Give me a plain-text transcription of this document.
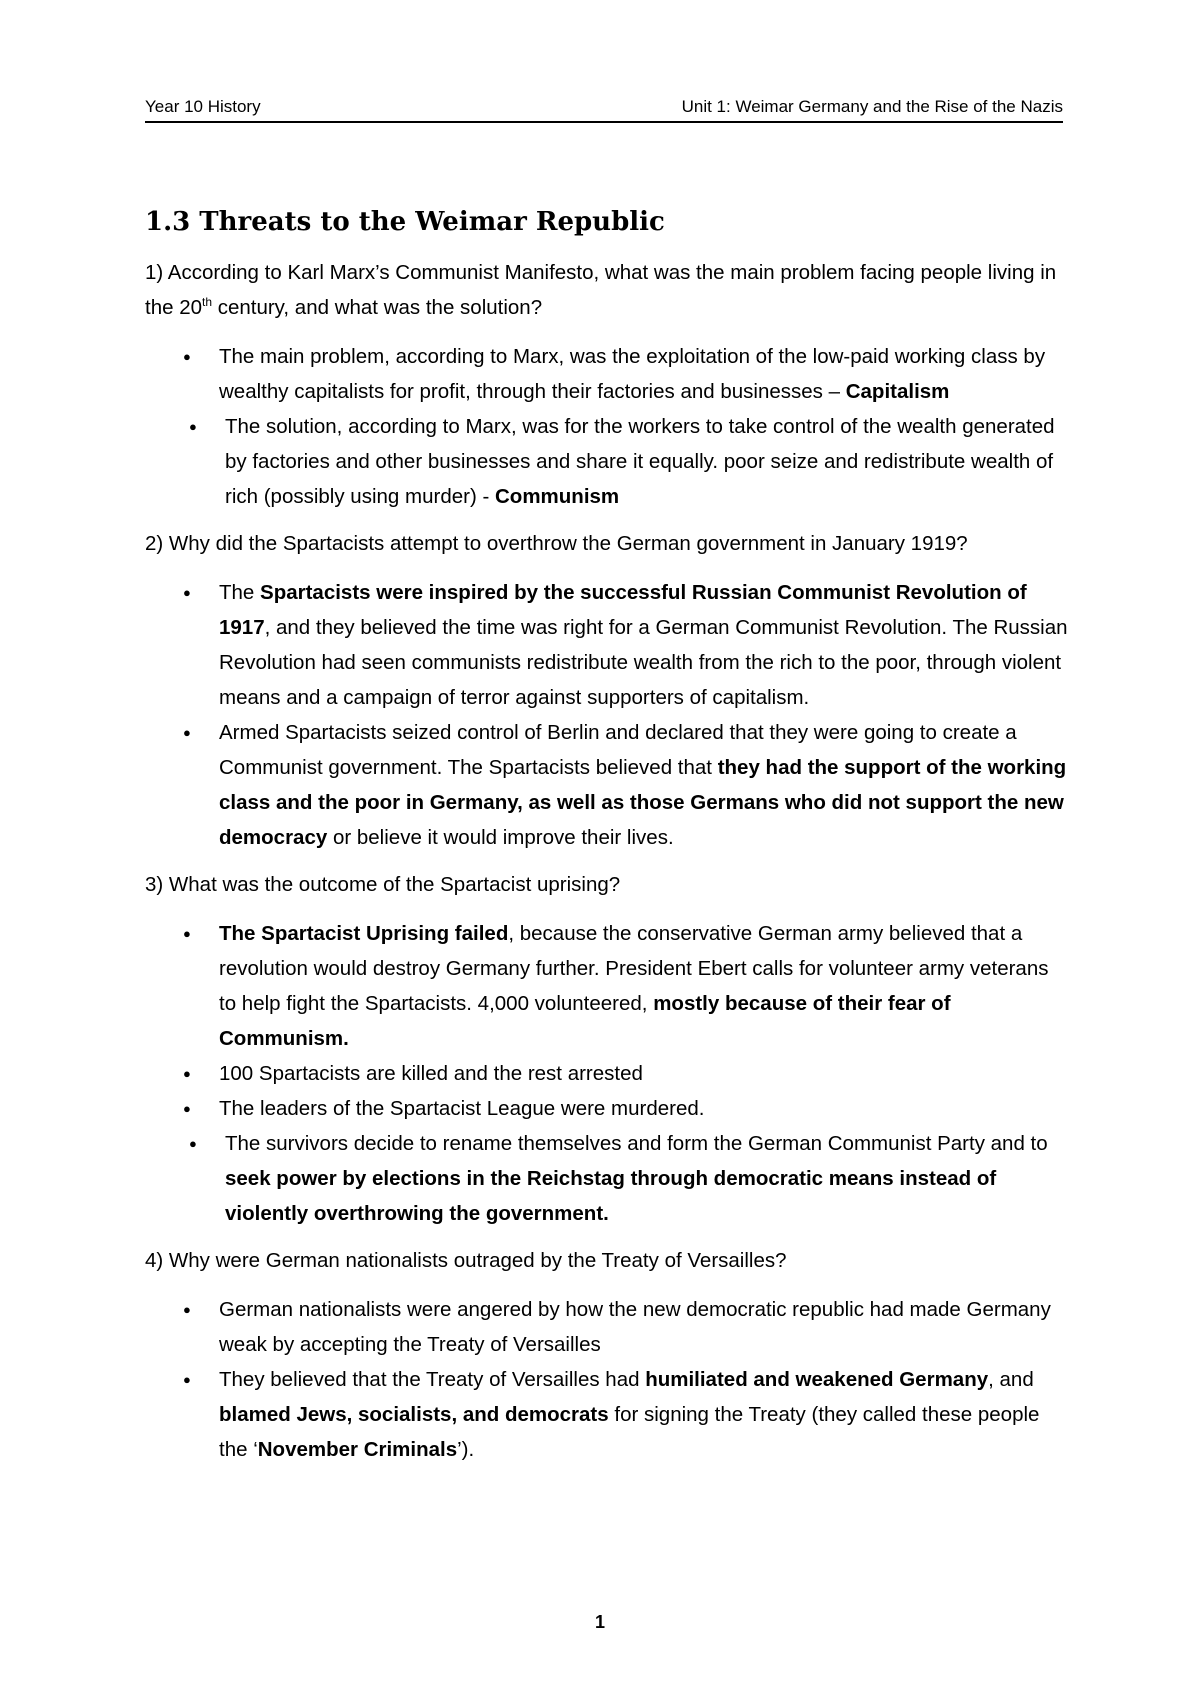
Year 10 History	Unit 1: Weimar Germany and the Rise of the Nazis
1.3 Threats to the Weimar Republic
1) According to Karl Marx’s Communist Manifesto, what was the main problem facing people living in the 20th century, and what was the solution?
● The main problem, according to Marx, was the exploitation of the low-paid working class by wealthy capitalists for profit, through their factories and businesses – Capitalism
● The solution, according to Marx, was for the workers to take control of the wealth generated by factories and other businesses and share it equally. poor seize and redistribute wealth of rich (possibly using murder) - Communism
2) Why did the Spartacists attempt to overthrow the German government in January 1919?
● The Spartacists were inspired by the successful Russian Communist Revolution of 1917, and they believed the time was right for a German Communist Revolution. The Russian Revolution had seen communists redistribute wealth from the rich to the poor, through violent means and a campaign of terror against supporters of capitalism.
● Armed Spartacists seized control of Berlin and declared that they were going to create a Communist government. The Spartacists believed that they had the support of the working class and the poor in Germany, as well as those Germans who did not support the new democracy or believe it would improve their lives.
3) What was the outcome of the Spartacist uprising?
● The Spartacist Uprising failed, because the conservative German army believed that a revolution would destroy Germany further. President Ebert calls for volunteer army veterans to help fight the Spartacists. 4,000 volunteered, mostly because of their fear of Communism.
● 100 Spartacists are killed and the rest arrested
● The leaders of the Spartacist League were murdered.
● The survivors decide to rename themselves and form the German Communist Party and to seek power by elections in the Reichstag through democratic means instead of violently overthrowing the government.
4) Why were German nationalists outraged by the Treaty of Versailles?
● German nationalists were angered by how the new democratic republic had made Germany weak by accepting the Treaty of Versailles
● They believed that the Treaty of Versailles had humiliated and weakened Germany, and blamed Jews, socialists, and democrats for signing the Treaty (they called these people the ‘November Criminals’).
1
